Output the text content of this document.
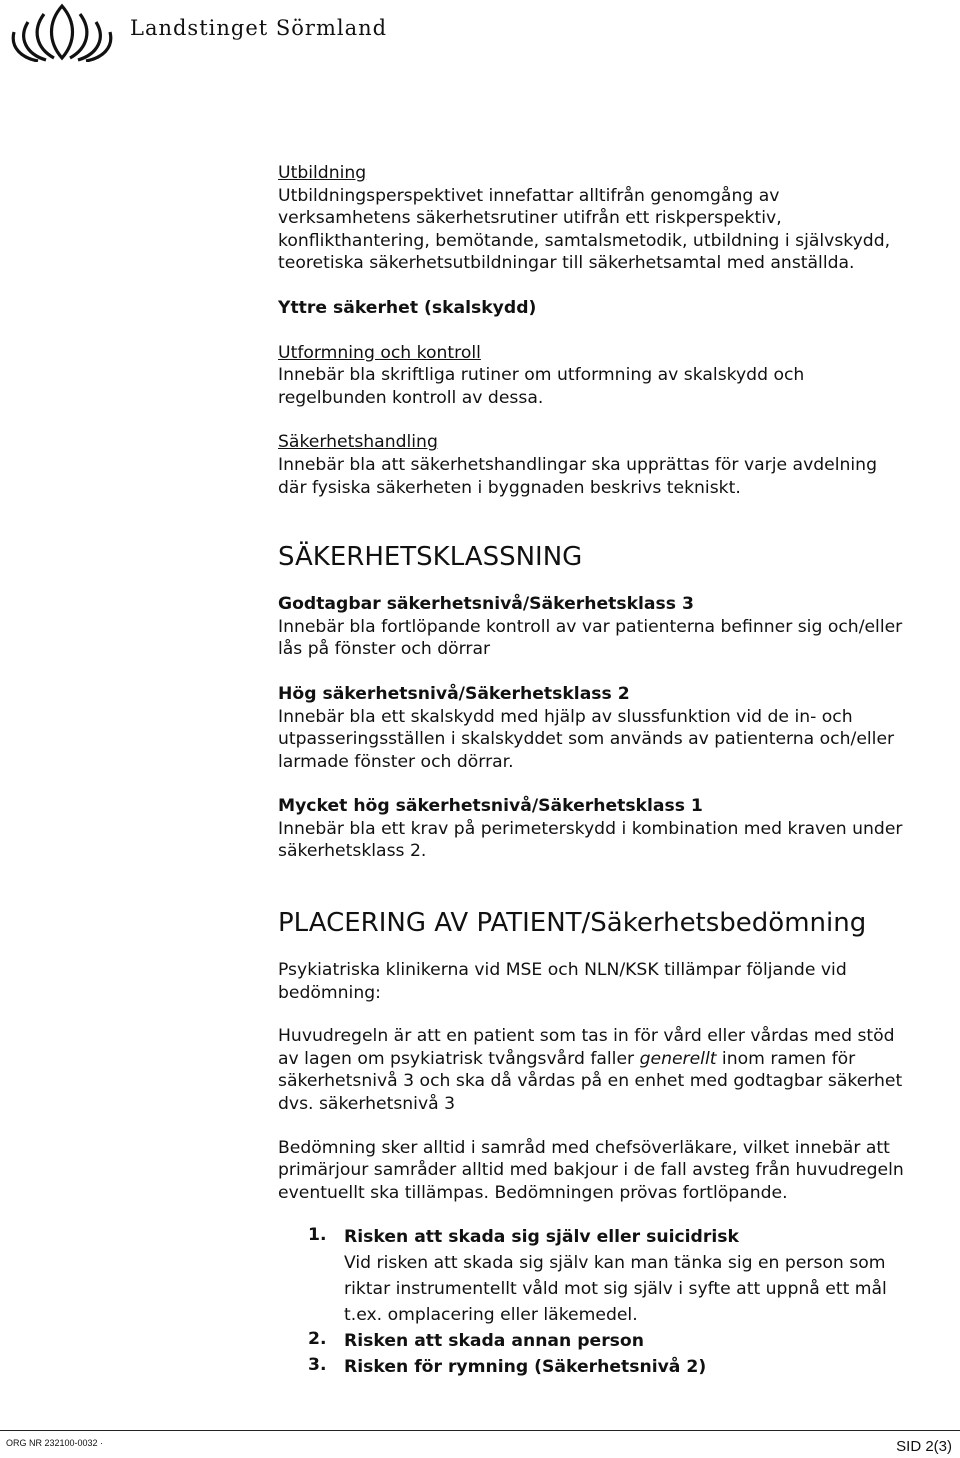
Landstinget Sörmland

Utbildning

Utbildningsperspektivet innefattar alltifrån genomgång av

verksamhetens säkerhetsrutiner utifrån ett riskperspektiv,

konflikthantering, bemötande, samtalsmetodik, utbildning i självskydd,

teoretiska säkerhetsutbildningar till säkerhetsamtal med anställda.

Yttre säkerhet (skalskydd)

Utformning och kontroll

Innebär bla skriftliga rutiner om utformning av skalskydd och

regelbunden kontroll av dessa.

Säkerhetshandling

Innebär bla att säkerhetshandlingar ska upprättas för varje avdelning

där fysiska säkerheten i byggnaden beskrivs tekniskt.

SÄKERHETSKLASSNING

Godtagbar säkerhetsnivå/Säkerhetsklass 3

Innebär bla fortlöpande kontroll av var patienterna befinner sig och/eller

lås på fönster och dörrar

Hög säkerhetsnivå/Säkerhetsklass 2

Innebär bla ett skalskydd med hjälp av slussfunktion vid de in- och

utpasseringsställen i skalskyddet som används av patienterna och/eller

larmade fönster och dörrar.

Mycket hög säkerhetsnivå/Säkerhetsklass 1

Innebär bla ett krav på perimeterskydd i kombination med kraven under

säkerhetsklass 2.

PLACERING AV PATIENT/Säkerhetsbedömning

Psykiatriska klinikerna vid MSE och NLN/KSK tillämpar följande vid

bedömning:

Huvudregeln är att en patient som tas in för vård eller vårdas med stöd

av lagen om psykiatrisk tvångsvård faller generellt inom ramen för

säkerhetsnivå 3 och ska då vårdas på en enhet med godtagbar säkerhet

dvs. säkerhetsnivå 3

Bedömning sker alltid i samråd med chefsöverläkare, vilket innebär att

primärjour samråder alltid med bakjour i de fall avsteg från huvudregeln

eventuellt ska tillämpas. Bedömningen prövas fortlöpande.

1. Risken att skada sig själv eller suicidrisk

Vid risken att skada sig själv kan man tänka sig en person som

riktar instrumentellt våld mot sig själv i syfte att uppnå ett mål

t.ex. omplacering eller läkemedel.

2. Risken att skada annan person

3. Risken för rymning (Säkerhetsnivå 2)

ORG NR 232100-0032 ·	SID 2(3)
